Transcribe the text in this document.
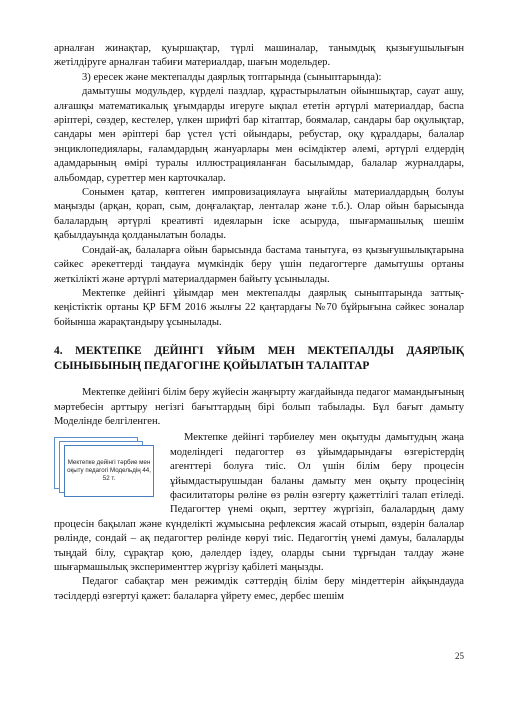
арналған жинақтар, қуыршақтар, түрлі машиналар, танымдық қызығушылығын жетілдіруге арналған табиғи материалдар, шағын модельдер.

3) ересек және мектепалды даярлық топтарында (сыныптарында):

дамытушы модульдер, күрделі паздлар, құрастырылатын ойыншықтар, сауат ашу, алғашқы математикалық ұғымдарды игеруге ықпал ететін әртүрлі материалдар, баспа әріптері, сөздер, кестелер, үлкен шрифті бар кітаптар, боямалар, сандары бар оқулықтар, сандары мен әріптері бар үстел үсті ойындары, ребустар, оқу құралдары, балалар энциклопедиялары, ғаламдардың жануарлары мен өсімдіктер әлемі, әртүрлі елдердің адамдарының өмірі туралы иллюстрацияланған басылымдар, балалар журналдары, альбомдар, суреттер мен карточкалар.

Сонымен қатар, көптеген импровизациялауға ыңғайлы материалдардың болуы маңызды (арқан, қорап, сым, доңғалақтар, ленталар және т.б.). Олар ойын барысында балалардың әртүрлі креативті идеяларын іске асыруда, шығармашылық шешім қабылдауында қолданылатын болады.

Сондай-ақ, балаларға ойын барысында бастама танытуға, өз қызығушылықтарына сәйкес әрекеттерді таңдауға мүмкіндік беру үшін педагогтерге дамытушы ортаны жеткілікті және әртүрлі материалдармен байыту ұсынылады.

Мектепке дейінгі ұйымдар мен мектепалды даярлық сыныптарында заттық-кеңістіктік ортаны ҚР БҒМ 2016 жылғы 22 қаңтардағы №70 бұйрығына сәйкес зоналар бойынша жарақтандыру ұсынылады.

4. МЕКТЕПКЕ ДЕЙІНГІ ҰЙЫМ МЕН МЕКТЕПАЛДЫ ДАЯРЛЫҚ СЫНЫБЫНЫҢ ПЕДАГОГІНЕ ҚОЙЫЛАТЫН ТАЛАПТАР

Мектепке дейінгі білім беру жүйесін жаңғырту жағдайында педагог мамандығының мәртебесін арттыру негізгі бағыттардың бірі болып табылады. Бұл бағыт дамыту Моделінде белгіленген.

Мектепке дейінгі тәрбие мен оқыту педагогі Модельдің 44, 52 т.
Мектепке дейінгі тәрбиелеу мен оқытуды дамытудың жаңа моделіндегі педагогтер өз ұйымдарындағы өзгерістердің агенттері болуға тиіс. Ол үшін білім беру процесін ұйымдастырушыдан баланы дамыту мен оқыту процесінің фасилитаторы рөліне өз рөлін өзгерту қажеттілігі талап етіледі. Педагогтер үнемі оқып, зерттеу жүргізіп, балалардың даму процесін бақылап және күнделікті жұмысына рефлексия жасай отырып, өздерін балалар рөлінде, сондай – ақ педагогтер рөлінде көруі тиіс. Педагогтің үнемі дамуы, балаларды тыңдай білу, сұрақтар қою, дәлелдер іздеу, оларды сыни тұрғыдан талдау және шығармашылық эксперименттер жүргізу қабілеті маңызды.

Педагог сабақтар мен режимдік сәттердің білім беру міндеттерін айқындауда тәсілдерді өзгертуі қажет: балаларға үйрету емес, дербес шешім

25
